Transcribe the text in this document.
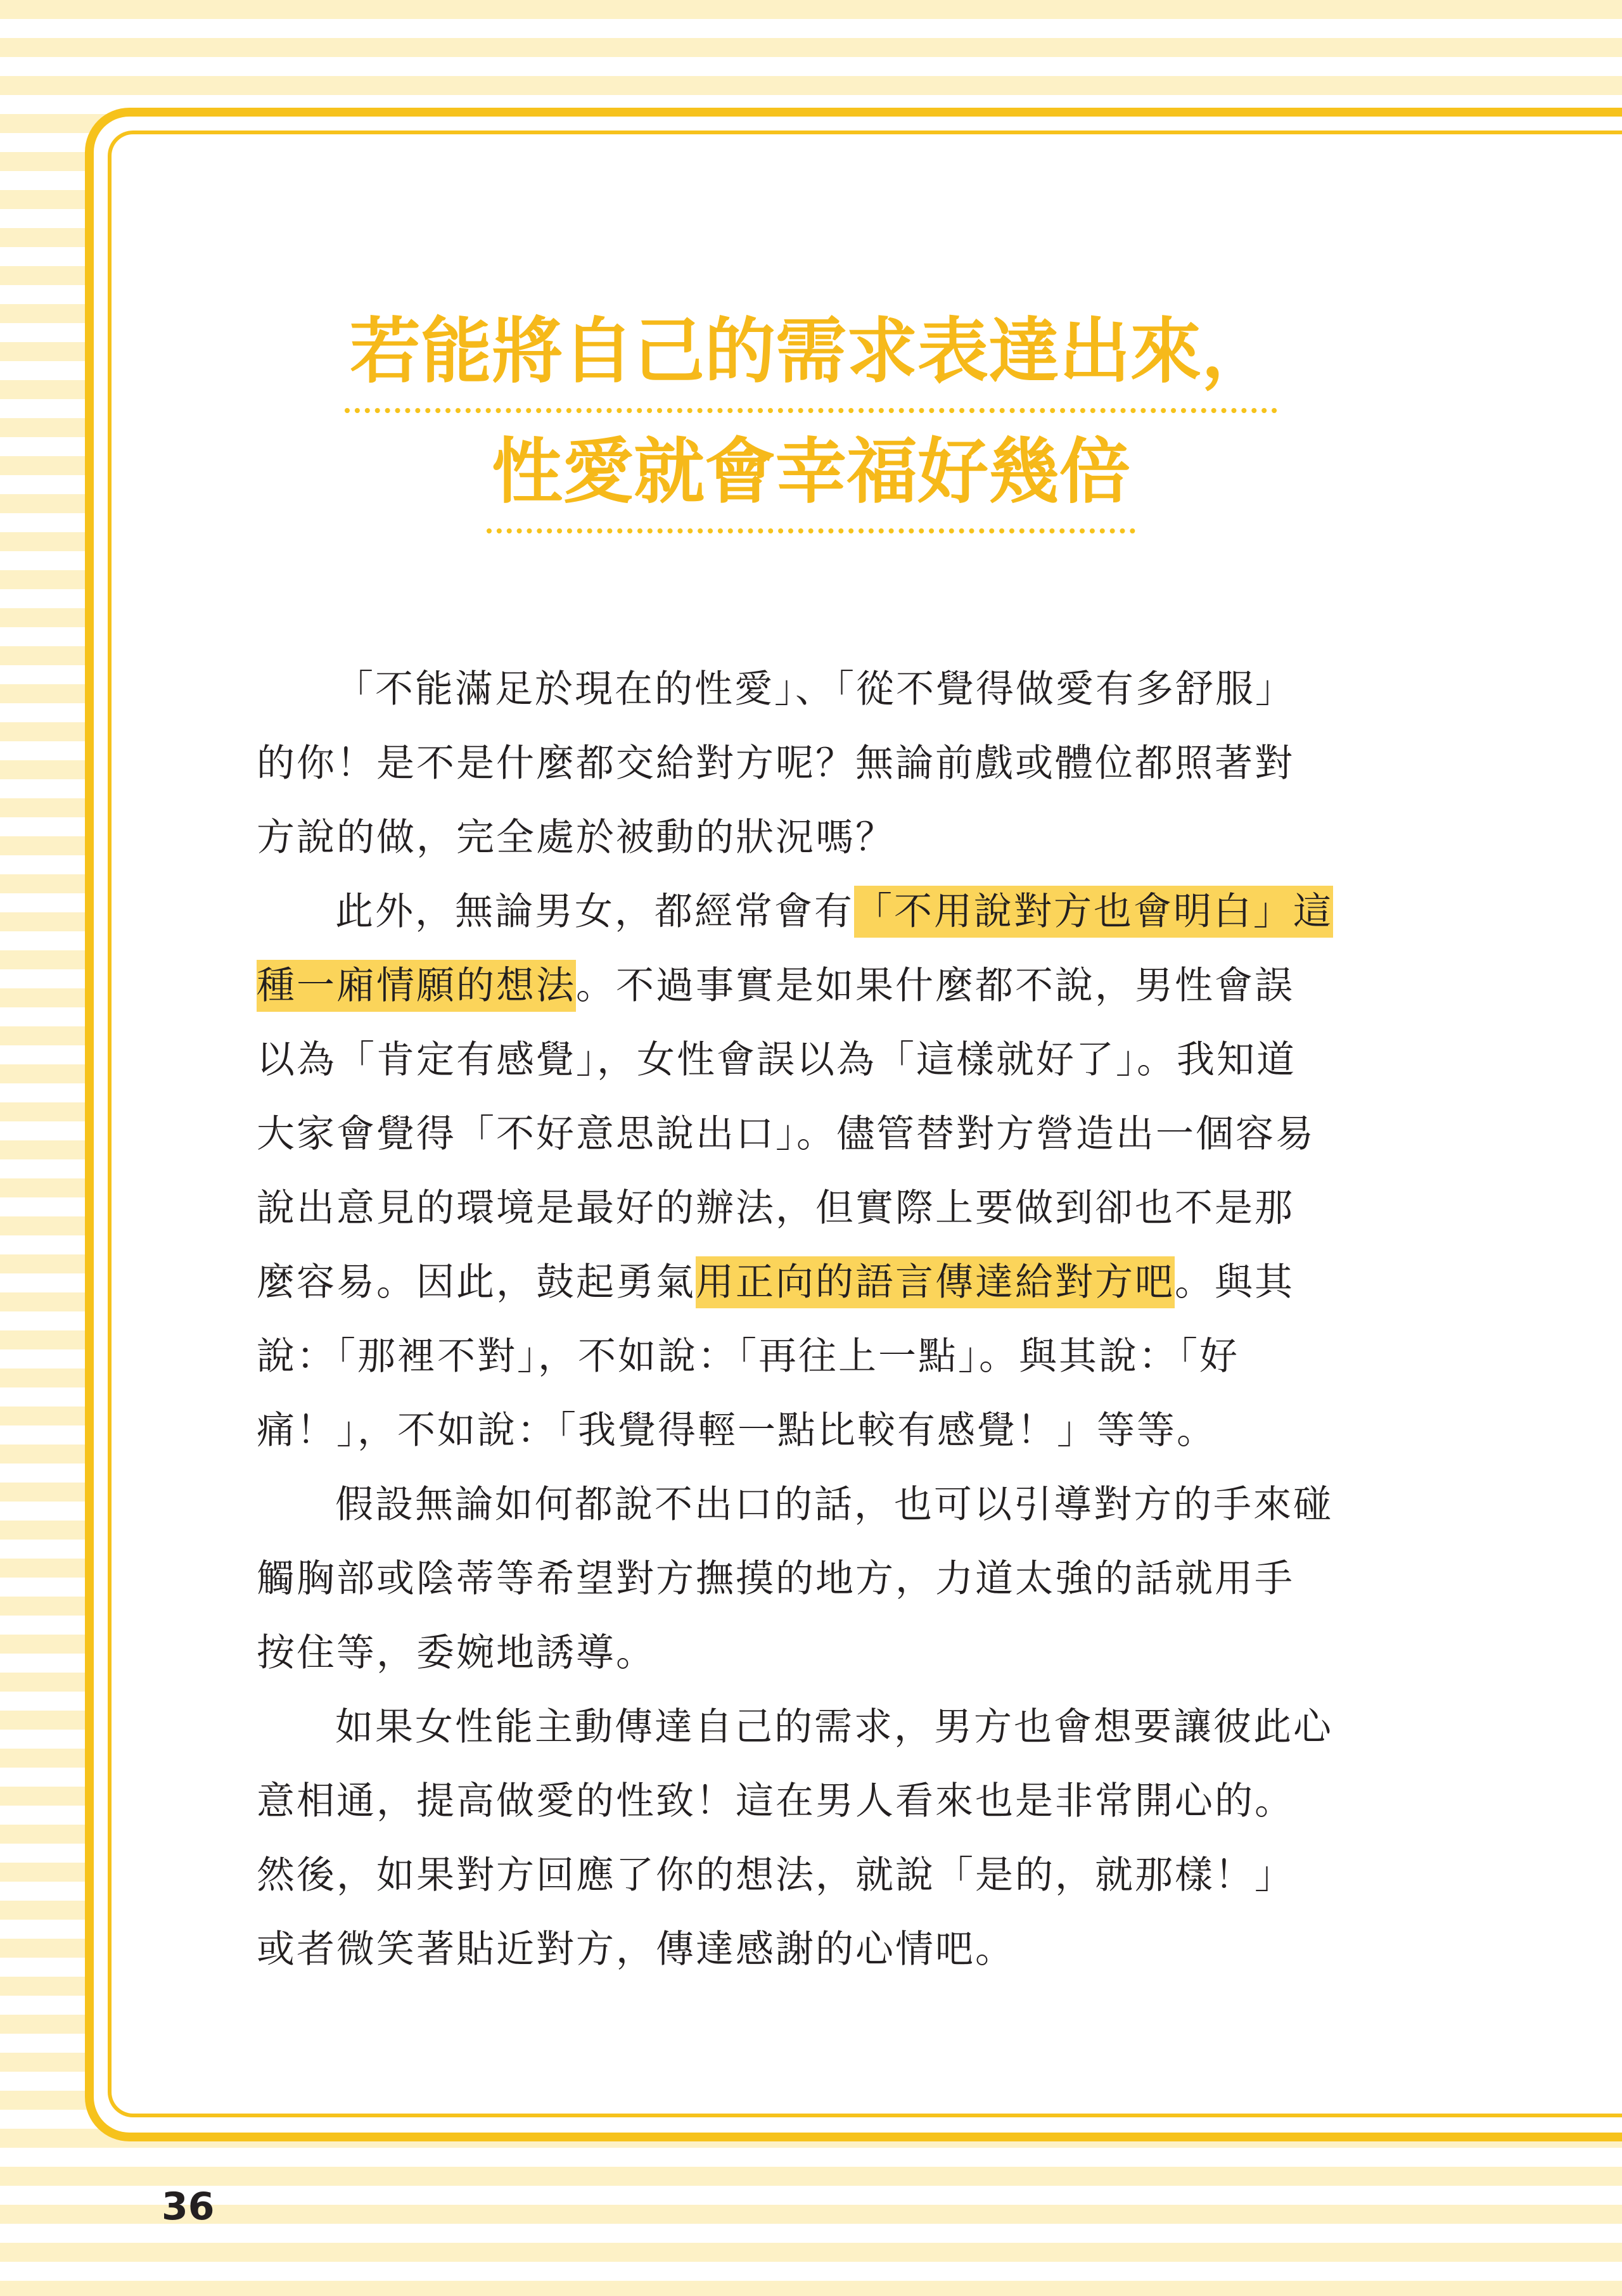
若能將自己的需求表達出來，
性愛就會幸福好幾倍

「不能滿足於現在的性愛」、「從不覺得做愛有多舒服」的你！是不是什麼都交給對方呢？無論前戲或體位都照著對方說的做，完全處於被動的狀況嗎？

此外，無論男女，都經常會有「不用說對方也會明白」這種一廂情願的想法。不過事實是如果什麼都不說，男性會誤以為「肯定有感覺」，女性會誤以為「這樣就好了」。我知道大家會覺得「不好意思說出口」。儘管替對方營造出一個容易說出意見的環境是最好的辦法，但實際上要做到卻也不是那麼容易。因此，鼓起勇氣用正向的語言傳達給對方吧。與其說：「那裡不對」，不如說：「再往上一點」。與其說：「好痛！」，不如說：「我覺得輕一點比較有感覺！」等等。

假設無論如何都說不出口的話，也可以引導對方的手來碰觸胸部或陰蒂等希望對方撫摸的地方，力道太強的話就用手按住等，委婉地誘導。

如果女性能主動傳達自己的需求，男方也會想要讓彼此心意相通，提高做愛的性致！這在男人看來也是非常開心的。然後，如果對方回應了你的想法，就說「是的，就那樣！」或者微笑著貼近對方，傳達感謝的心情吧。

36
